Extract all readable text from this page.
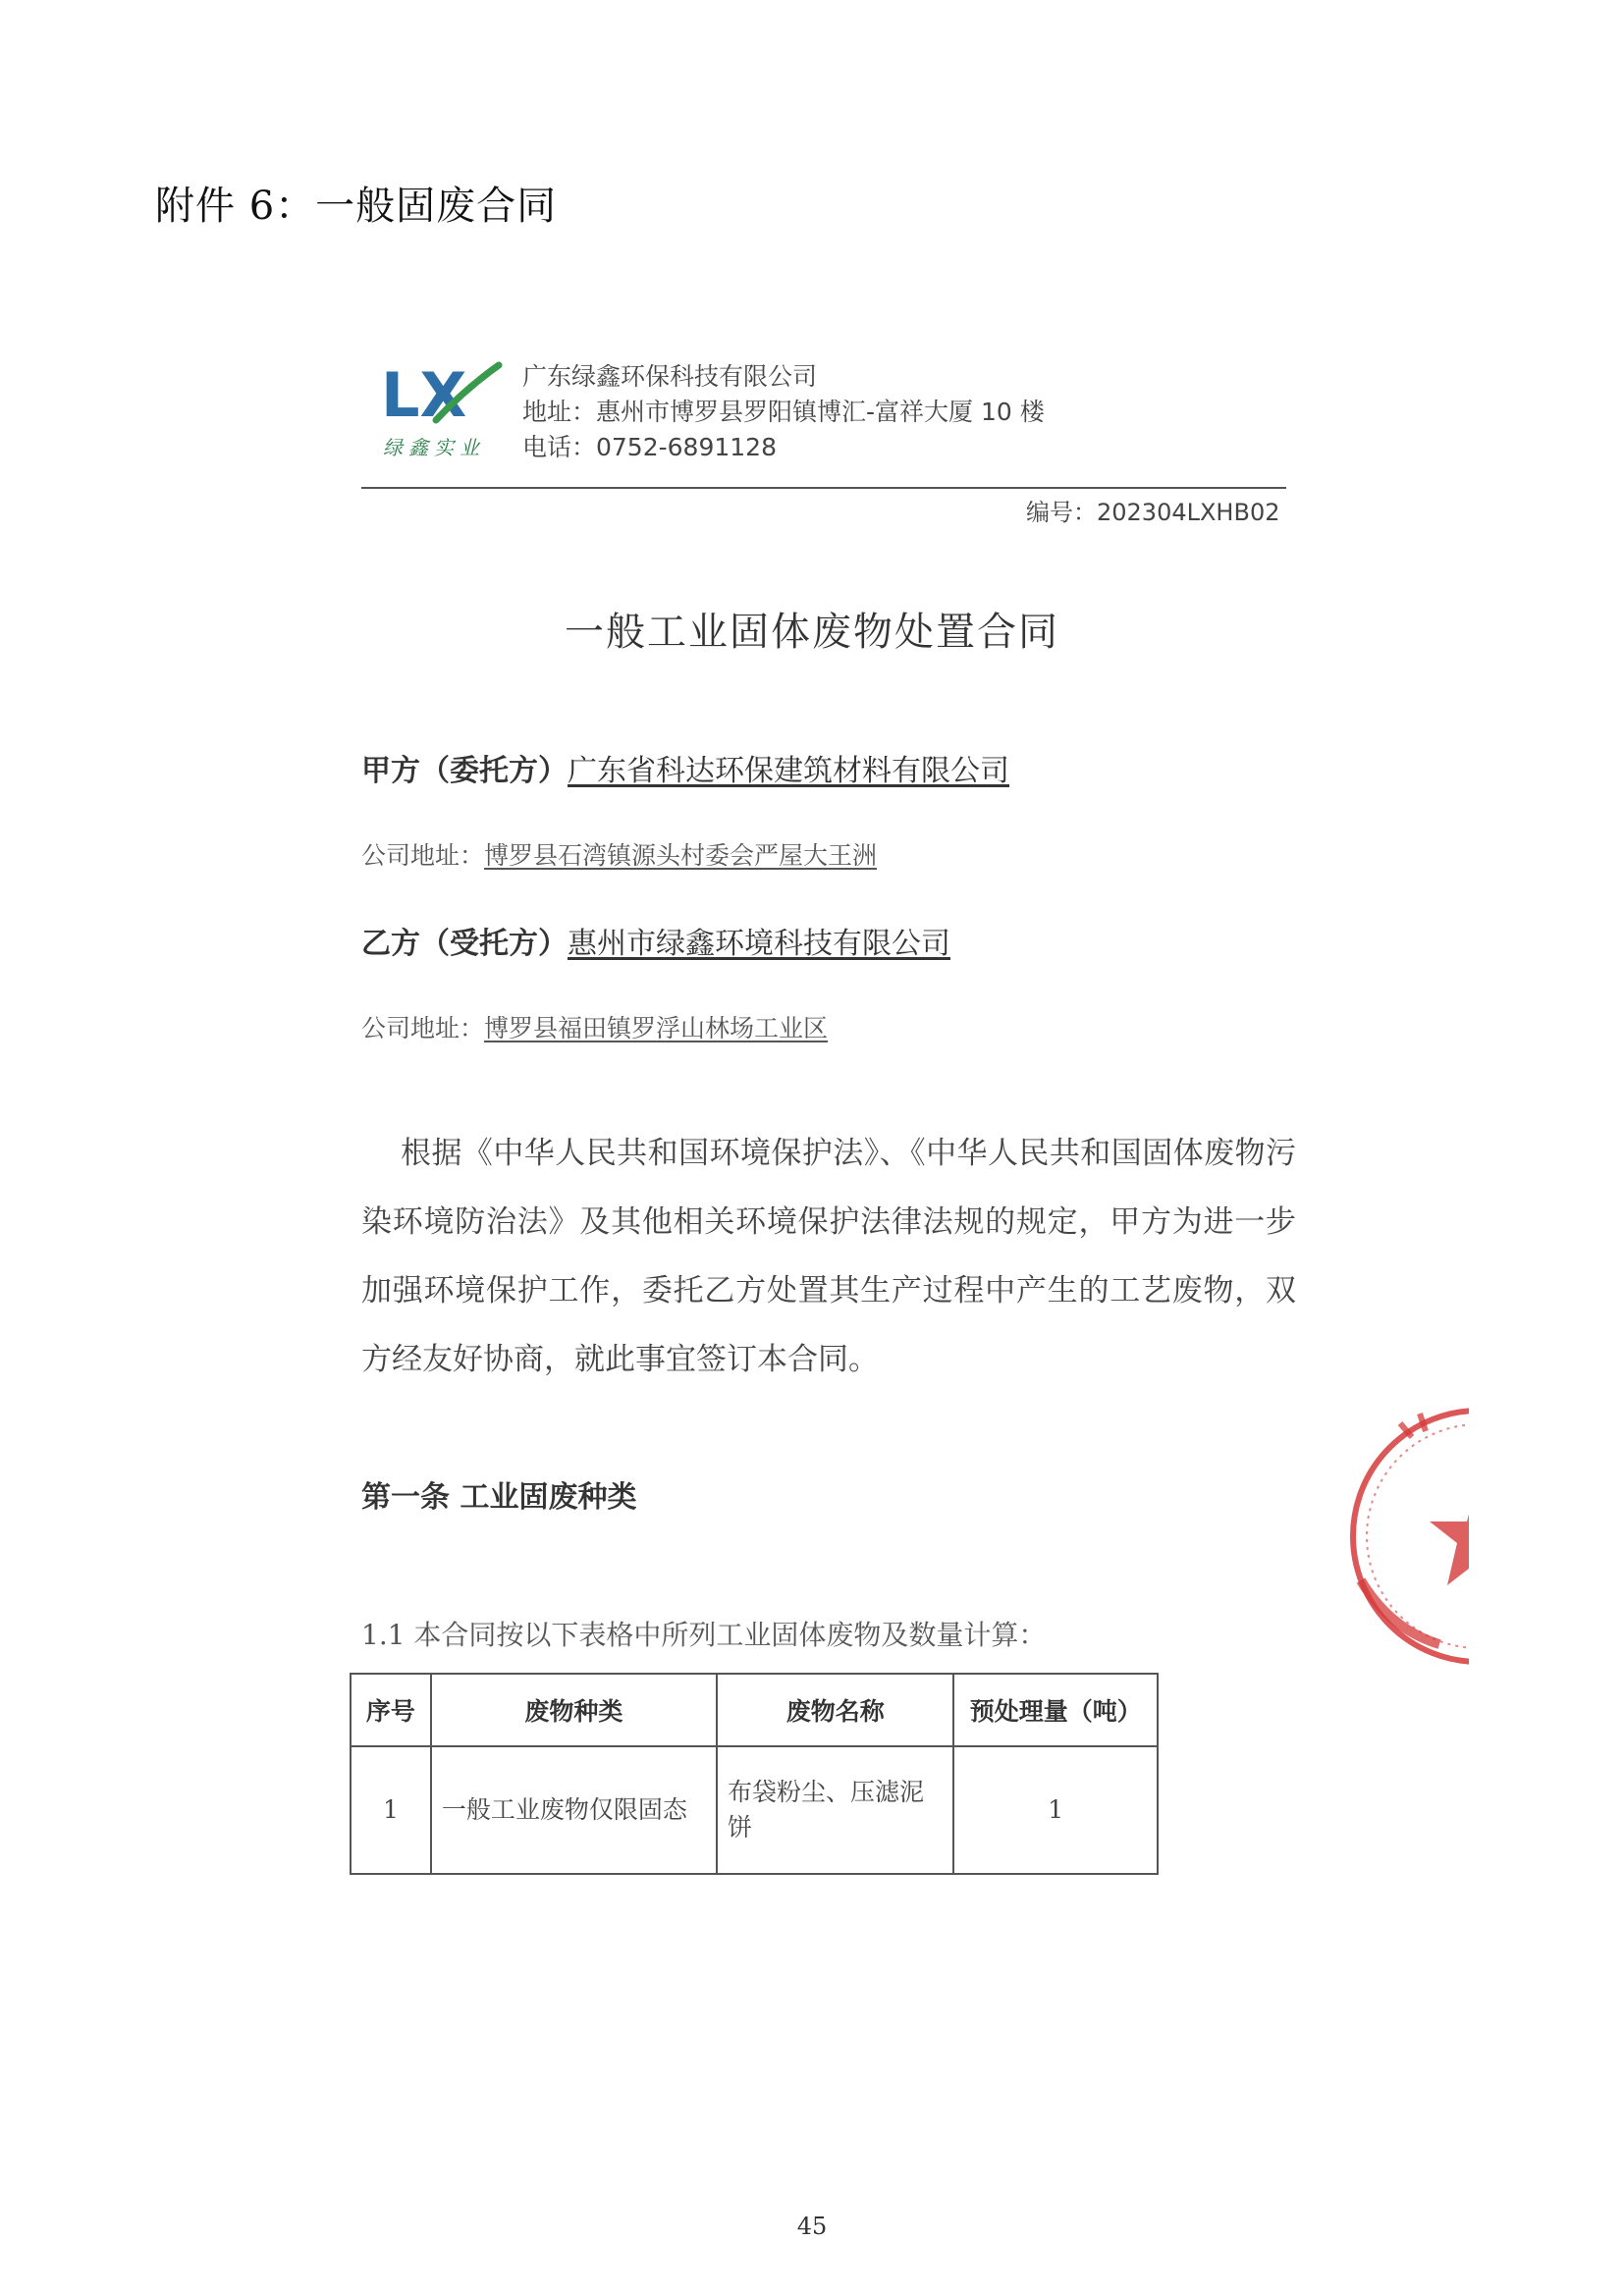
附件 6：一般固废合同
LX
绿鑫实业
广东绿鑫环保科技有限公司
地址：惠州市博罗县罗阳镇博汇-富祥大厦 10 楼
电话：0752-6891128
编号：202304LXHB02
一般工业固体废物处置合同
甲方（委托方）广东省科达环保建筑材料有限公司
公司地址：博罗县石湾镇源头村委会严屋大王洲
乙方（受托方）惠州市绿鑫环境科技有限公司
公司地址：博罗县福田镇罗浮山林场工业区
根据《中华人民共和国环境保护法》、《中华人民共和国固体废物污染环境防治法》及其他相关环境保护法律法规的规定，甲方为进一步加强环境保护工作，委托乙方处置其生产过程中产生的工艺废物，双方经友好协商，就此事宜签订本合同。
第一条 工业固废种类
1.1 本合同按以下表格中所列工业固体废物及数量计算：
序号	废物种类	废物名称	预处理量（吨）
1	一般工业废物仅限固态	布袋粉尘、压滤泥饼	1
45
